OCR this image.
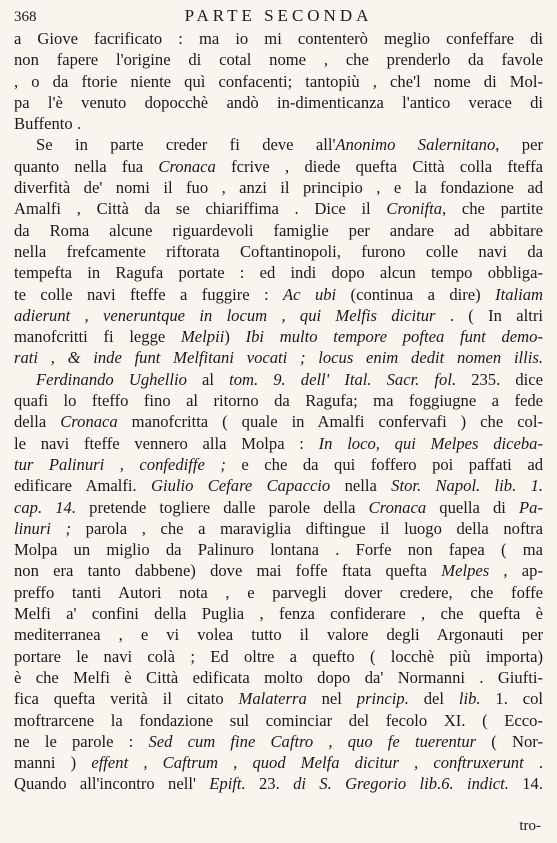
368	PARTE SECONDA
a Giove facrificato : ma io mi contenterò meglio confeffare di
non fapere l'origine di cotal nome , che prenderlo da favole
, o da ftorie niente quì confacenti; tantopiù , che'l nome di Mol-
pa l'è venuto dopocchè andò in-dimenticanza l'antico verace di
Buffento .
Se in parte creder fi deve all'Anonimo Salernitano, per
quanto nella fua Cronaca fcrive , diede quefta Città colla fteffa
diverfità de' nomi il fuo , anzi il principio , e la fondazione ad
Amalfi , Città da se chiariffima . Dice il Cronifta, che partite
da Roma alcune riguardevoli famiglie per andare ad abbitare
nella frefcamente riftorata Coftantinopoli, furono colle navi da
tempefta in Ragufa portate : ed indi dopo alcun tempo obbliga-
te colle navi fteffe a fuggire : Ac ubi (continua a dire) Italiam
adierunt , veneruntque in locum , qui Melfis dicitur . ( In altri
manofcritti fi legge Melpii) Ibi multo tempore poftea funt demo-
rati , & inde funt Melfitani vocati ; locus enim dedit nomen illis.
Ferdinando Ughellio al tom. 9. dell' Ital. Sacr. fol. 235. dice
quafi lo fteffo fino al ritorno da Ragufa; ma foggiugne a fede
della Cronaca manofcritta ( quale in Amalfi confervafi ) che col-
le navi fteffe vennero alla Molpa : In loco, qui Melpes diceba-
tur Palinuri , confediffe ; e che da qui foffero poi paffati ad
edificare Amalfi. Giulio Cefare Capaccio nella Stor. Napol. lib. 1.
cap. 14. pretende togliere dalle parole della Cronaca quella di Pa-
linuri ; parola , che a maraviglia diftingue il luogo della noftra
Molpa un miglio da Palinuro lontana . Forfe non fapea ( ma
non era tanto dabbene) dove mai foffe ftata quefta Melpes , ap-
preffo tanti Autori nota , e parvegli dover credere, che foffe
Melfi a' confini della Puglia , fenza confiderare , che quefta è
mediterranea , e vi volea tutto il valore degli Argonauti per
portare le navi colà ; Ed oltre a quefto ( locchè più importa)
è che Melfi è Città edificata molto dopo da' Normanni . Giufti-
fica quefta verità il citato Malaterra nel princip. del lib. 1. col
moftrarcene la fondazione sul cominciar del fecolo XI. ( Ecco-
ne le parole : Sed cum fine Caftro , quo fe tuerentur ( Nor-
manni ) effent , Caftrum , quod Melfa dicitur , conftruxerunt .
Quando all'incontro nell' Epift. 23. di S. Gregorio lib.6. indict. 14.
tro-
